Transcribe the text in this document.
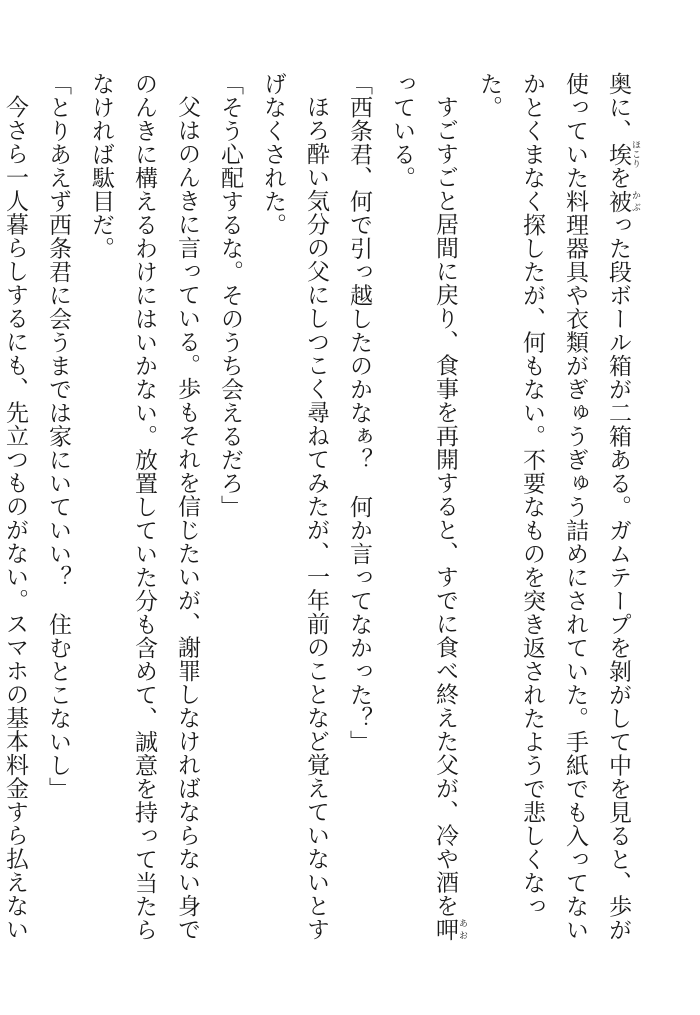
奥に、埃 ほこりを被 かぶった段ボール箱が二箱ある。ガムテープを剝がして中を見ると、歩が使っていた料理器具や衣類がぎゅうぎゅう詰めにされていた。手紙でも入ってないかとくまなく探したが、何もない。不要なものを突き返されたようで悲しくなった。

すごすごと居間に戻り、食事を再開すると、すでに食べ終えた父が、冷や酒を呷 あおっている。

「西条君、何で引っ越したのかなぁ？　何か言ってなかった？」

ほろ酔い気分の父にしつこく尋ねてみたが、一年前のことなど覚えていないとすげなくされた。

「そう心配するな。そのうち会えるだろ」

父はのんきに言っている。歩もそれを信じたいが、謝罪しなければならない身でのんきに構えるわけにはいかない。放置していた分も含めて、誠意を持って当たらなければ駄目だ。

「とりあえず西条君に会うまでは家にいていい？　住むとこないし」

今さら一人暮らしするにも、先立つものがない。スマホの基本料金すら払えない
